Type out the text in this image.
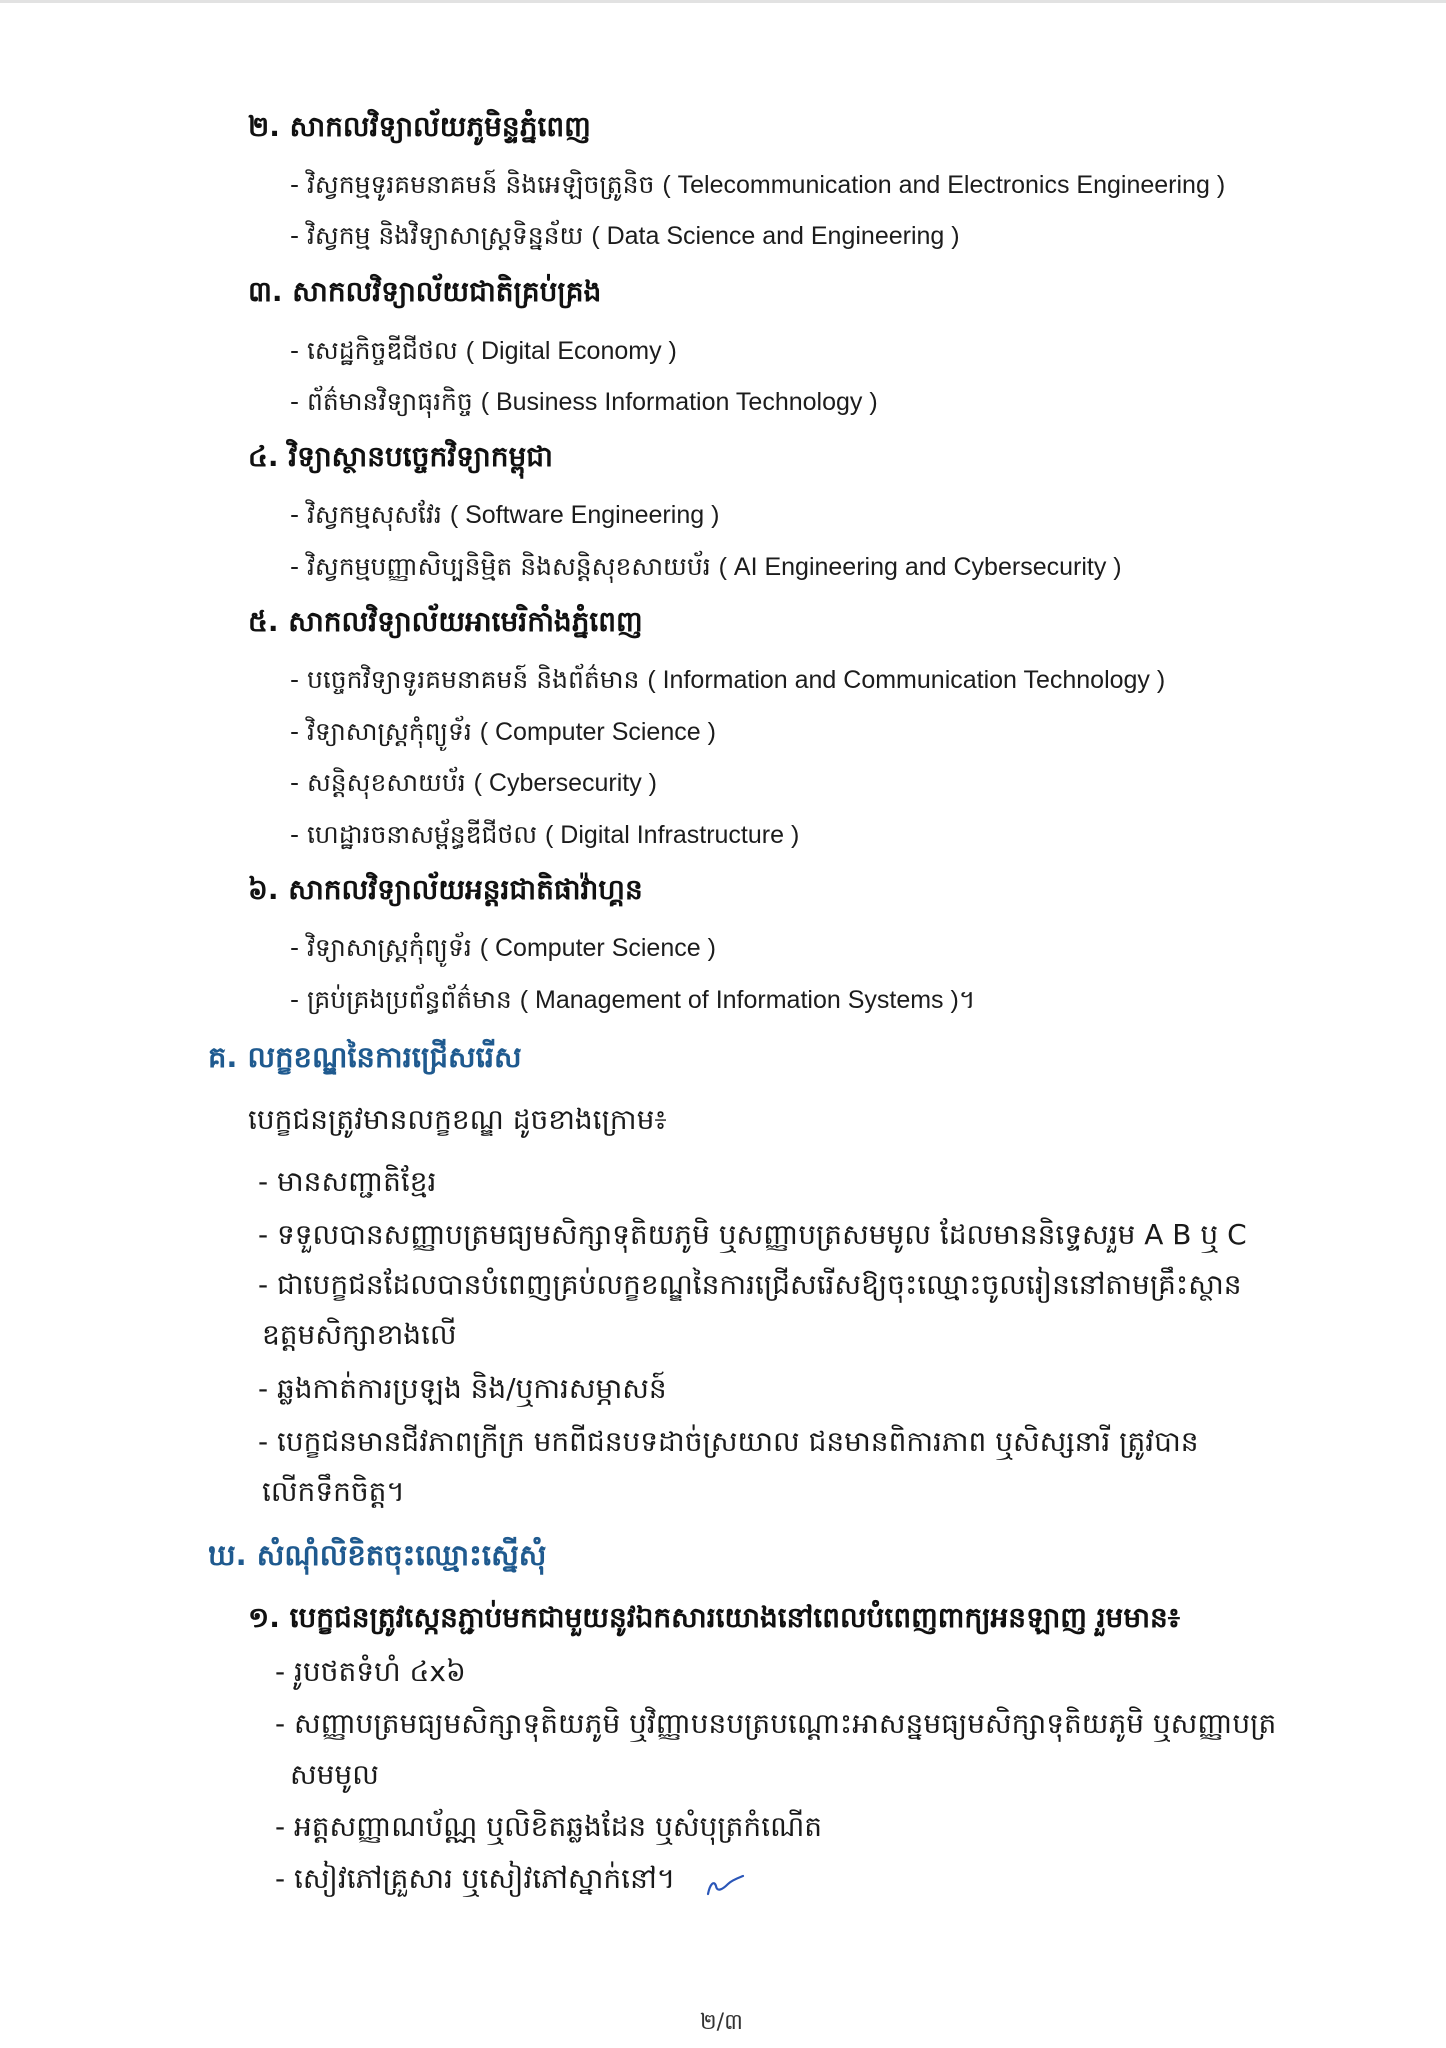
២. សាកលវិទ្យាល័យភូមិន្ទភ្នំពេញ
- វិស្វកម្មទូរគមនាគមន៍ និងអេឡិចត្រូនិច ( Telecommunication and Electronics Engineering )
- វិស្វកម្ម និងវិទ្យាសាស្ត្រទិន្នន័យ ( Data Science and Engineering )
៣. សាកលវិទ្យាល័យជាតិគ្រប់គ្រង
- សេដ្ឋកិច្ចឌីជីថល ( Digital Economy )
- ព័ត៌មានវិទ្យាធុរកិច្ច ( Business Information Technology )
៤. វិទ្យាស្ថានបច្ចេកវិទ្យាកម្ពុជា
- វិស្វកម្មសុសវែរ ( Software Engineering )
- វិស្វកម្មបញ្ញាសិប្បនិម្មិត និងសន្តិសុខសាយប័រ ( AI Engineering and Cybersecurity )
៥. សាកលវិទ្យាល័យអាមេរិកាំងភ្នំពេញ
- បច្ចេកវិទ្យាទូរគមនាគមន៍ និងព័ត៌មាន ( Information and Communication Technology )
- វិទ្យាសាស្ត្រកុំព្យូទ័រ ( Computer Science )
- សន្តិសុខសាយប័រ ( Cybersecurity )
- ហេដ្ឋារចនាសម្ព័ន្ធឌីជីថល ( Digital Infrastructure )
៦. សាកលវិទ្យាល័យអន្តរជាតិផាវ៉ាហ្គន
- វិទ្យាសាស្ត្រកុំព្យូទ័រ ( Computer Science )
- គ្រប់គ្រងប្រព័ន្ធព័ត៌មាន ( Management of Information Systems )។
គ. លក្ខខណ្ឌនៃការជ្រើសរើស
បេក្ខជនត្រូវមានលក្ខខណ្ឌ ដូចខាងក្រោម៖
- មានសញ្ជាតិខ្មែរ
- ទទួលបានសញ្ញាបត្រមធ្យមសិក្សាទុតិយភូមិ ឬសញ្ញាបត្រសមមូល ដែលមាននិទ្ទេសរួម A B ឬ C
- ជាបេក្ខជនដែលបានបំពេញគ្រប់លក្ខខណ្ឌនៃការជ្រើសរើសឱ្យចុះឈ្មោះចូលរៀននៅតាមគ្រឹះស្ថាន
ឧត្តមសិក្សាខាងលើ
- ឆ្លងកាត់ការប្រឡង និង/ឬការសម្ភាសន៍
- បេក្ខជនមានជីវភាពក្រីក្រ មកពីជនបទដាច់ស្រយាល ជនមានពិការភាព ឬសិស្សនារី ត្រូវបាន
លើកទឹកចិត្ត។
ឃ. សំណុំលិខិតចុះឈ្មោះស្នើសុំ
១. បេក្ខជនត្រូវស្កេនភ្ជាប់មកជាមួយនូវឯកសារយោងនៅពេលបំពេញពាក្យអនឡាញ រួមមាន៖
- រូបថតទំហំ ៤x៦
- សញ្ញាបត្រមធ្យមសិក្សាទុតិយភូមិ ឬវិញ្ញាបនបត្របណ្តោះអាសន្នមធ្យមសិក្សាទុតិយភូមិ ឬសញ្ញាបត្រ
សមមូល
- អត្តសញ្ញាណប័ណ្ណ ឬលិខិតឆ្លងដែន ឬសំបុត្រកំណើត
- សៀវភៅគ្រួសារ ឬសៀវភៅស្នាក់នៅ។
២/៣
